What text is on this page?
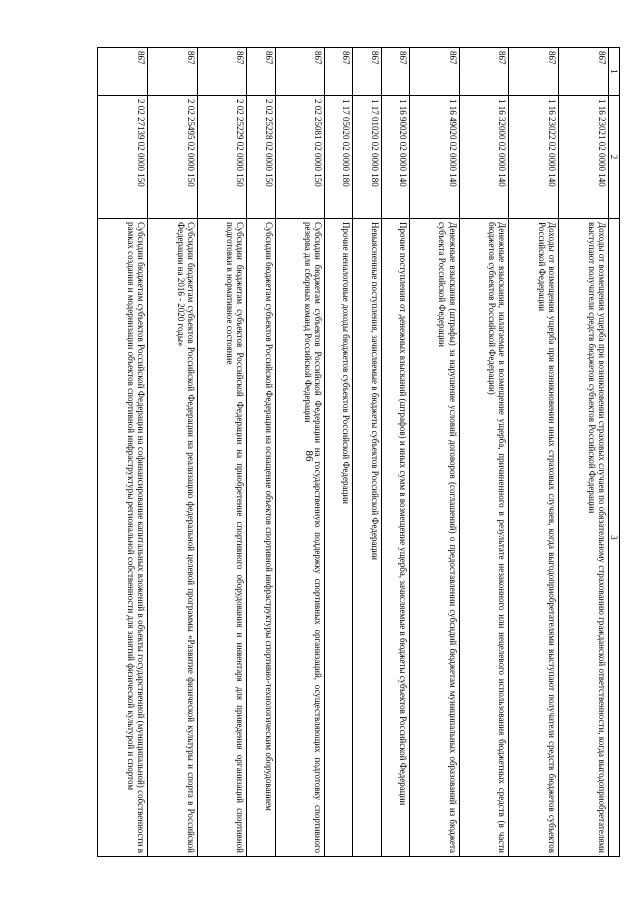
86
1	2	3
867	1 16 23021 02 0000 140	Доходы от возмещения ущерба при возникновении страховых случаев по обязательному страхованию гражданской ответственности, когда выгодоприобретателями выступают получатели средств бюджетов субъектов Российской Федерации
867	1 16 23022 02 0000 140	Доходы от возмещения ущерба при возникновении иных страховых случаев, когда выгодоприобретателями выступают получатели средств бюджетов субъектов Российской Федерации
867	1 16 32000 02 0000 140	Денежные взыскания, налагаемые в возмещение ущерба, причиненного в результате незаконного или нецелевого использования бюджетных средств (в части бюджетов субъектов Российской Федерации)
867	1 16 49020 02 0000 140	Денежные взыскания (штрафы) за нарушение условий договоров (соглашений) о предоставлении субсидий бюджетам муниципальных образований из бюджета субъекта Российской Федерации
867	1 16 90020 02 0000 140	Прочие поступления от денежных взысканий (штрафов) и иных сумм в возмещение ущерба, зачисляемые в бюджеты субъектов Российской Федерации
867	1 17 01020 02 0000 180	Невыясненные поступления, зачисляемые в бюджеты субъектов Российской Федерации
867	1 17 05020 02 0000 180	Прочие неналоговые доходы бюджетов субъектов Российской Федерации
867	2 02 25081 02 0000 150	Субсидии бюджетам субъектов Российской Федерации на государственную поддержку спортивных организаций, осуществляющих подготовку спортивного резерва для сборных команд Российской Федерации
867	2 02 25228 02 0000 150	Субсидии бюджетам субъектов Российской Федерации на оснащение объектов спортивной инфраструктуры спортивно-технологическим оборудованием
867	2 02 25229 02 0000 150	Субсидии бюджетам субъектов Российской Федерации на приобретение спортивного оборудования и инвентаря для приведения организаций спортивной подготовки в нормативное состояние
867	2 02 25495 02 0000 150	Субсидии бюджетам субъектов Российской Федерации на реализацию федеральной целевой программы «Развитие физической культуры и спорта в Российской Федерации на 2016 - 2020 годы»
867	2 02 27139 02 0000 150	Субсидии бюджетам субъектов Российской Федерации на софинансирование капитальных вложений в объекты государственной (муниципальной) собственности в рамках создания и модернизации объектов спортивной инфраструктуры региональной собственности для занятий физической культурой и спортом
